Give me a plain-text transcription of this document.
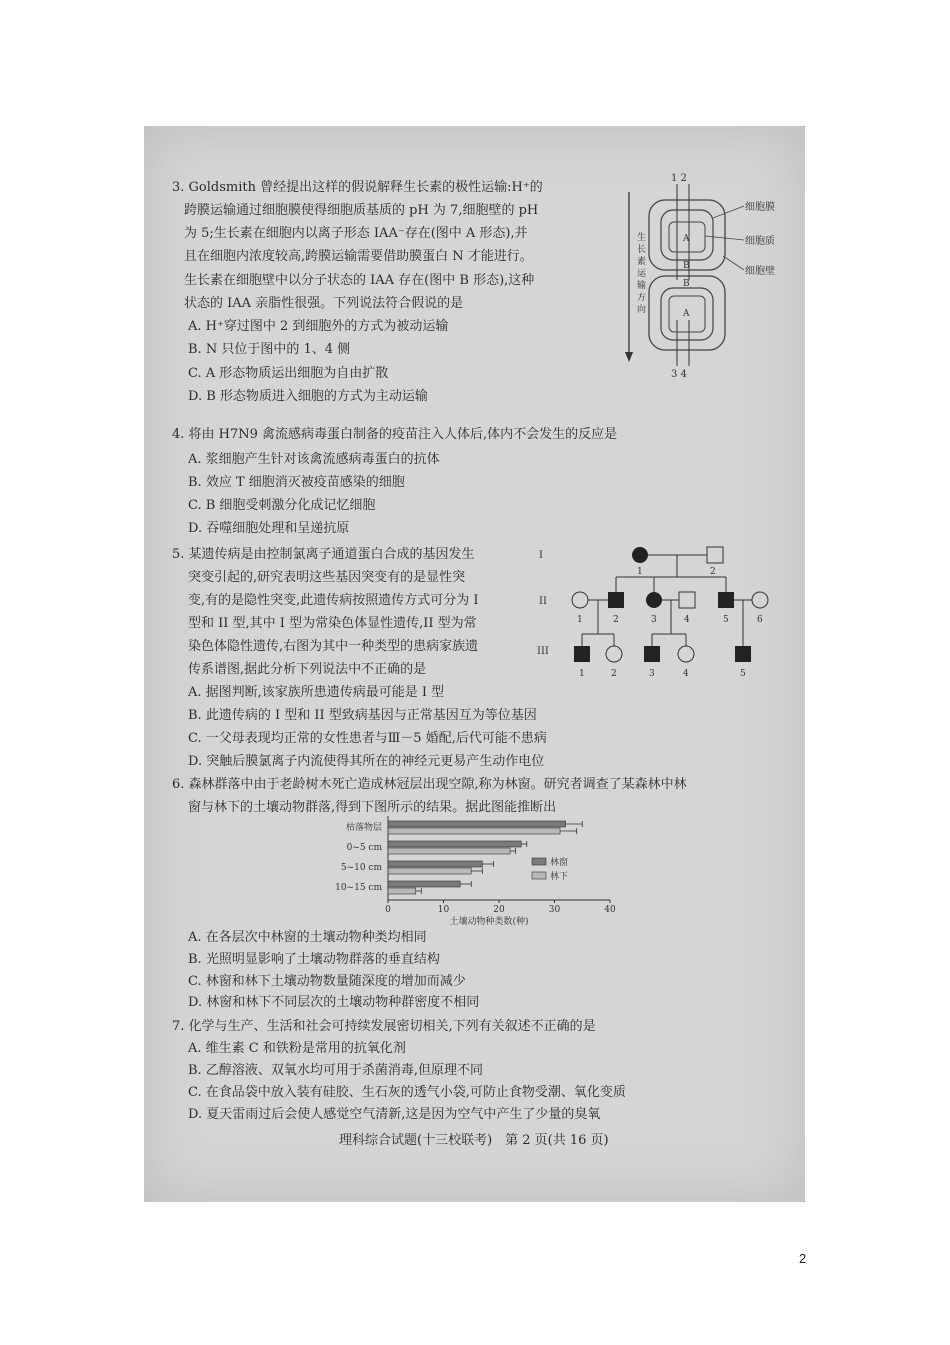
3. Goldsmith 曾经提出这样的假说解释生长素的极性运输:H⁺的
跨膜运输通过细胞膜使得细胞质基质的 pH 为 7,细胞壁的 pH
为 5;生长素在细胞内以离子形态 IAA⁻存在(图中 A 形态),并
且在细胞内浓度较高,跨膜运输需要借助膜蛋白 N 才能进行。
生长素在细胞壁中以分子状态的 IAA 存在(图中 B 形态),这种
状态的 IAA 亲脂性很强。下列说法符合假说的是
A. H⁺穿过图中 2 到细胞外的方式为被动运输
B. N 只位于图中的 1、4 侧
C. A 形态物质运出细胞为自由扩散
D. B 形态物质进入细胞的方式为主动运输
生
长
素
运
输
方
向
A
B
B
A
1 2
3 4
细胞膜
细胞质
细胞壁
4. 将由 H7N9 禽流感病毒蛋白制备的疫苗注入人体后,体内不会发生的反应是
A. 浆细胞产生针对该禽流感病毒蛋白的抗体
B. 效应 T 细胞消灭被疫苗感染的细胞
C. B 细胞受刺激分化成记忆细胞
D. 吞噬细胞处理和呈递抗原
5. 某遗传病是由控制氯离子通道蛋白合成的基因发生
突变引起的,研究表明这些基因突变有的是显性突
变,有的是隐性突变,此遗传病按照遗传方式可分为 I
型和 II 型,其中 I 型为常染色体显性遗传,II 型为常
染色体隐性遗传,右图为其中一种类型的患病家族遗
传系谱图,据此分析下列说法中不正确的是
A. 据图判断,该家族所患遗传病最可能是 I 型
B. 此遗传病的 I 型和 II 型致病基因与正常基因互为等位基因
C. 一父母表现均正常的女性患者与Ⅲ－5 婚配,后代可能不患病
D. 突触后膜氯离子内流使得其所在的神经元更易产生动作电位
I
II
III
1	2
1	2	3	4	5	6
1	2	3	4	5
6. 森林群落中由于老龄树木死亡造成林冠层出现空隙,称为林窗。研究者调查了某森林中林
窗与林下的土壤动物群落,得到下图所示的结果。据此图能推断出
枯落物层
0~5 cm
5~10 cm
10~15 cm
0	10	20	30	40
土壤动物种类数(种)
林窗
林下
A. 在各层次中林窗的土壤动物种类均相同
B. 光照明显影响了土壤动物群落的垂直结构
C. 林窗和林下土壤动物数量随深度的增加而减少
D. 林窗和林下不同层次的土壤动物种群密度不相同
7. 化学与生产、生活和社会可持续发展密切相关,下列有关叙述不正确的是
A. 维生素 C 和铁粉是常用的抗氧化剂
B. 乙醇溶液、双氧水均可用于杀菌消毒,但原理不同
C. 在食品袋中放入装有硅胶、生石灰的透气小袋,可防止食物受潮、氧化变质
D. 夏天雷雨过后会使人感觉空气清新,这是因为空气中产生了少量的臭氧
理科综合试题(十三校联考)　第 2 页(共 16 页)
2
